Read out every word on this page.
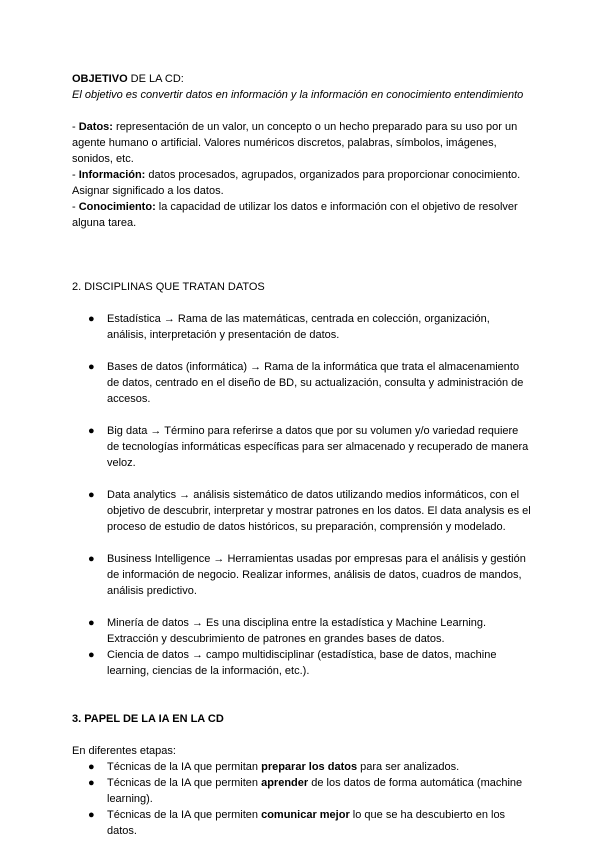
OBJETIVO DE LA CD:

El objetivo es convertir datos en información y la información en conocimiento entendimiento

- Datos: representación de un valor, un concepto o un hecho preparado para su uso por un agente humano o artificial. Valores numéricos discretos, palabras, símbolos, imágenes, sonidos, etc.

- Información: datos procesados, agrupados, organizados para proporcionar conocimiento. Asignar significado a los datos.

- Conocimiento: la capacidad de utilizar los datos e información con el objetivo de resolver alguna tarea.

2. DISCIPLINAS QUE TRATAN DATOS

● Estadística → Rama de las matemáticas, centrada en colección, organización, análisis, interpretación y presentación de datos.
● Bases de datos (informática) → Rama de la informática que trata el almacenamiento de datos, centrado en el diseño de BD, su actualización, consulta y administración de accesos.
● Big data → Término para referirse a datos que por su volumen y/o variedad requiere de tecnologías informáticas específicas para ser almacenado y recuperado de manera veloz.
● Data analytics → análisis sistemático de datos utilizando medios informáticos, con el objetivo de descubrir, interpretar y mostrar patrones en los datos. El data analysis es el proceso de estudio de datos históricos, su preparación, comprensión y modelado.
● Business Intelligence → Herramientas usadas por empresas para el análisis y gestión de información de negocio. Realizar informes, análisis de datos, cuadros de mandos, análisis predictivo.
● Minería de datos → Es una disciplina entre la estadística y Machine Learning. Extracción y descubrimiento de patrones en grandes bases de datos.
● Ciencia de datos → campo multidisciplinar (estadística, base de datos, machine learning, ciencias de la información, etc.).

3. PAPEL DE LA IA EN LA CD

En diferentes etapas:

● Técnicas de la IA que permitan preparar los datos para ser analizados.
● Técnicas de la IA que permiten aprender de los datos de forma automática (machine learning).
● Técnicas de la IA que permiten comunicar mejor lo que se ha descubierto en los datos.
